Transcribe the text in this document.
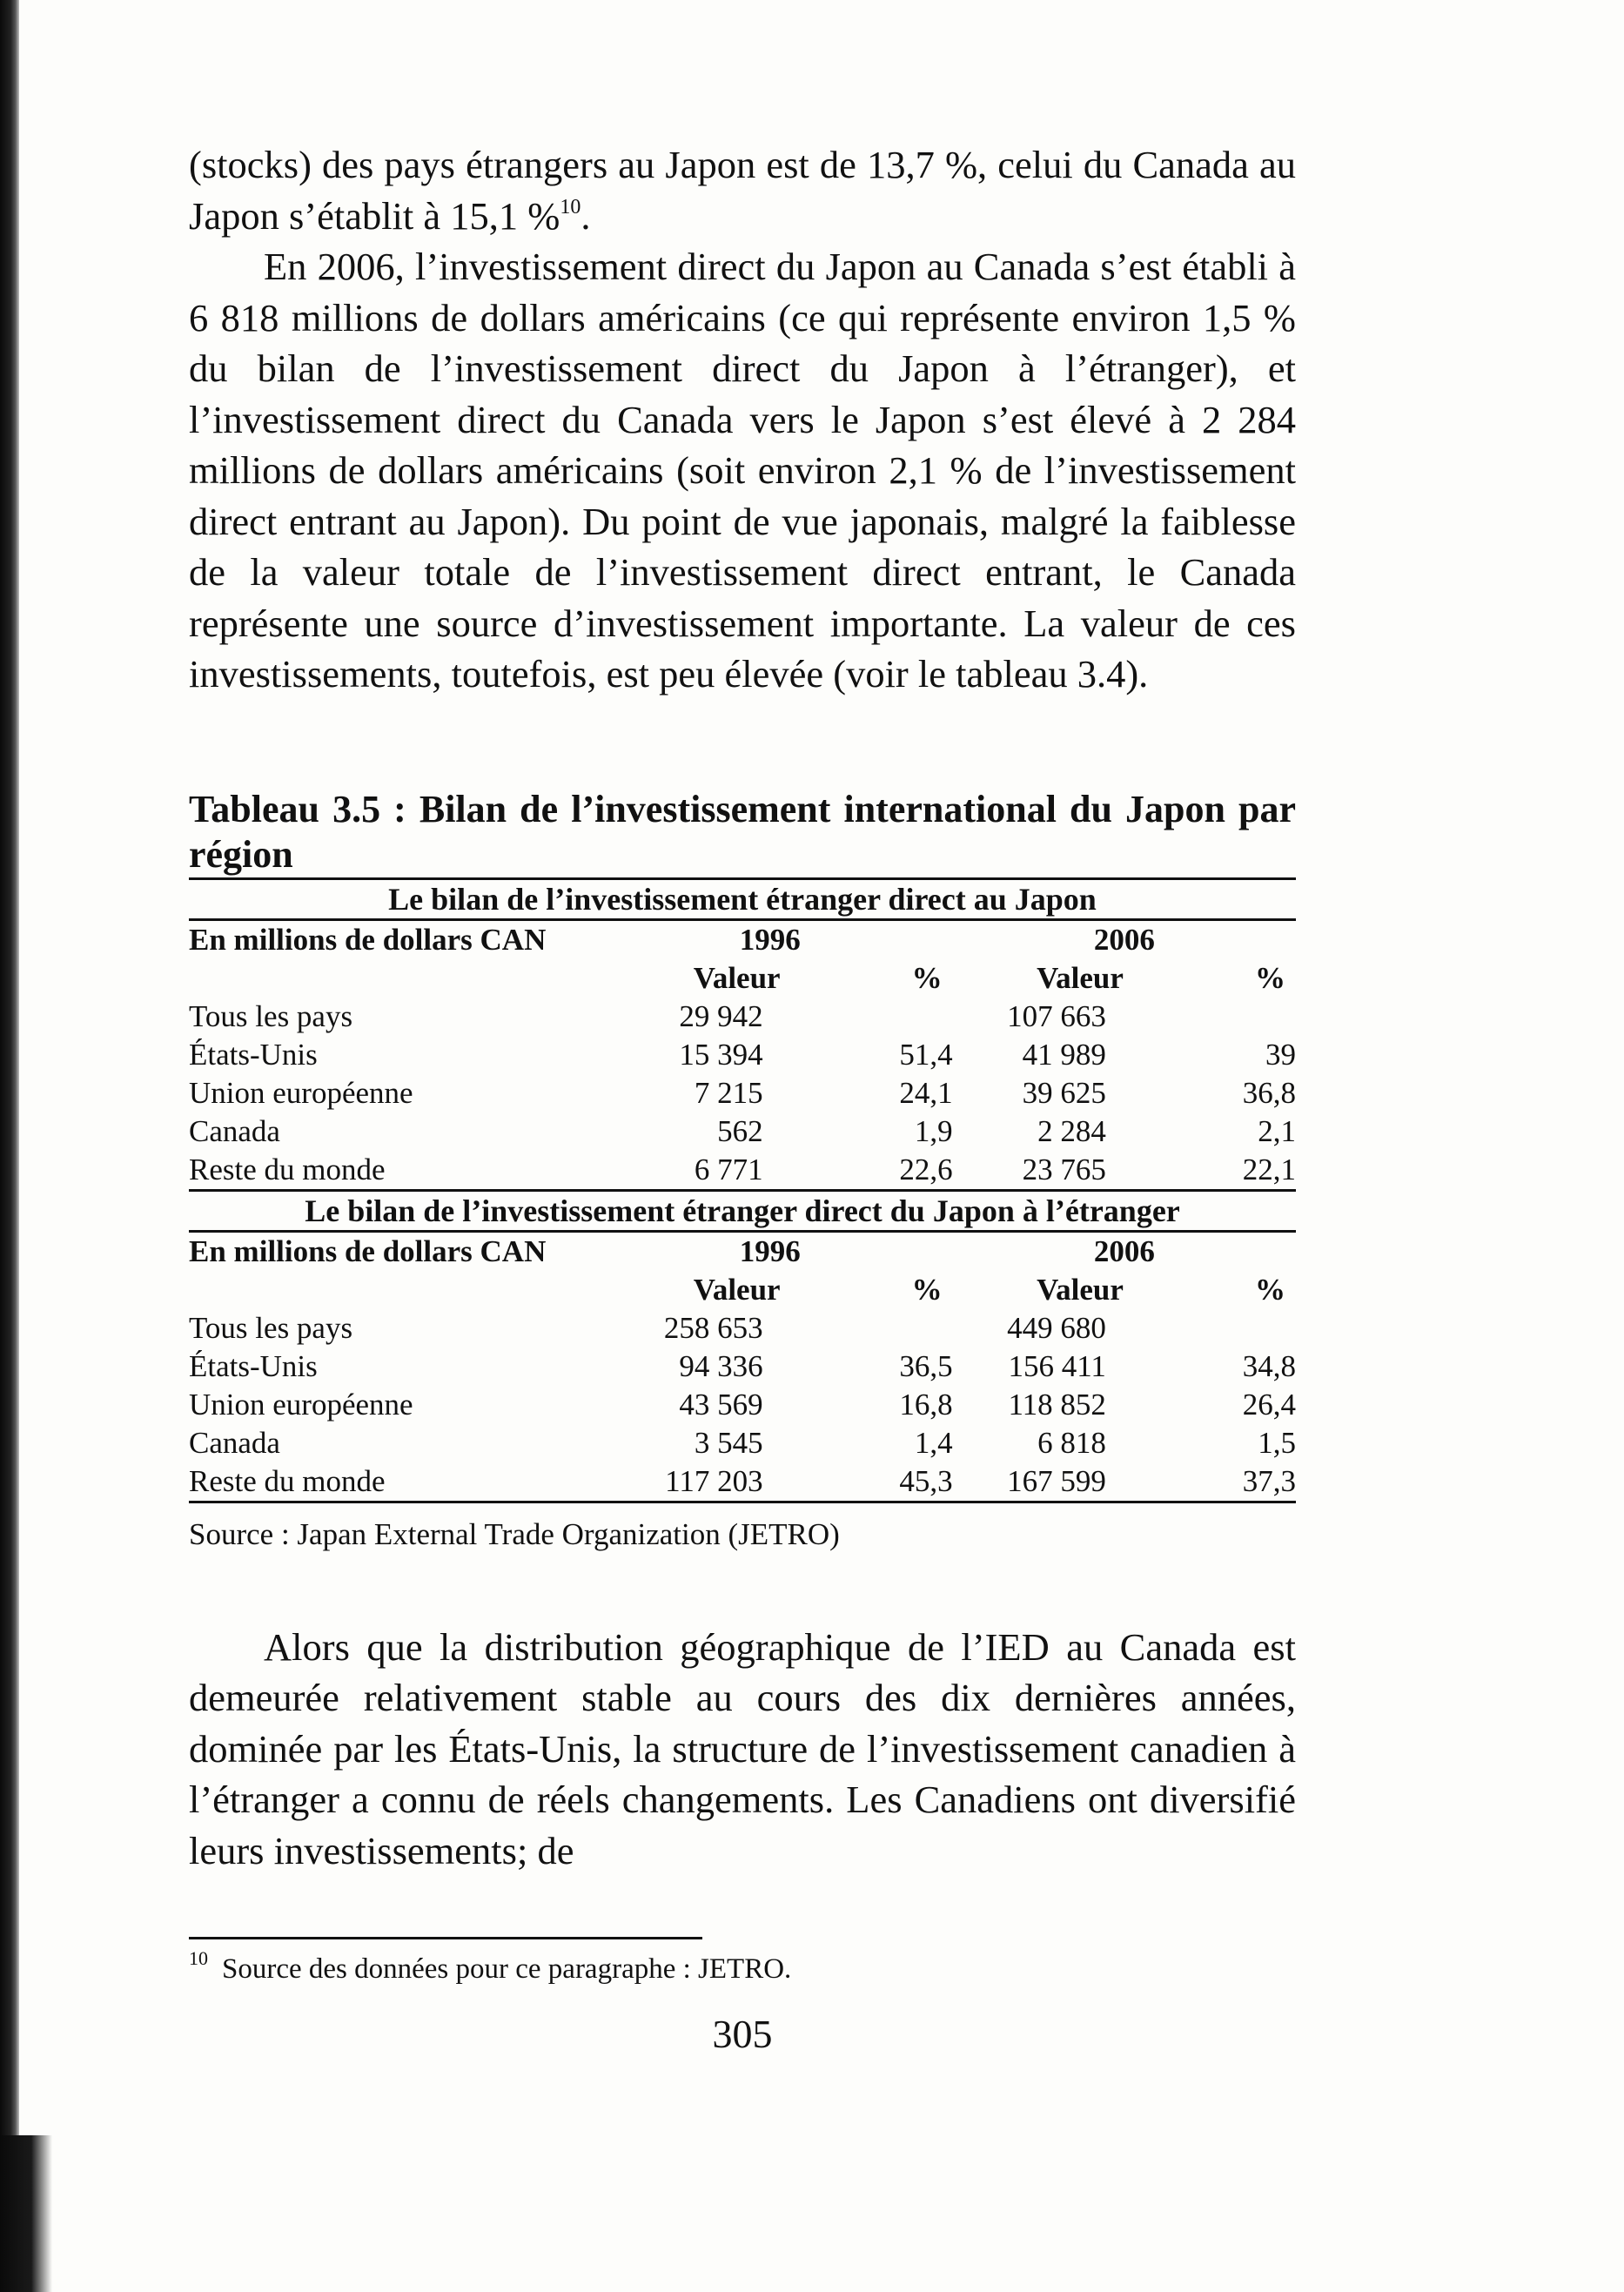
(stocks) des pays étrangers au Japon est de 13,7 %, celui du Canada au Japon s’établit à 15,1 %$^{10}$.

En 2006, l’investissement direct du Japon au Canada s’est établi à 6 818 millions de dollars américains (ce qui représente environ 1,5 % du bilan de l’investissement direct du Japon à l’étranger), et l’investissement direct du Canada vers le Japon s’est élevé à 2 284 millions de dollars américains (soit environ 2,1 % de l’investissement direct entrant au Japon). Du point de vue japonais, malgré la faiblesse de la valeur totale de l’investissement direct entrant, le Canada représente une source d’investissement importante. La valeur de ces investissements, toutefois, est peu élevée (voir le tableau 3.4).

Tableau 3.5 : Bilan de l’investissement international du Japon par région

Le bilan de l’investissement étranger direct au Japon				
En millions de dollars CAN	1996		2006	
	Valeur	%	Valeur	%
Tous les pays	29 942		107 663	
États-Unis	15 394	51,4	41 989	39
Union européenne	7 215	24,1	39 625	36,8
Canada	562	1,9	2 284	2,1
Reste du monde	6 771	22,6	23 765	22,1
Le bilan de l’investissement étranger direct du Japon à l’étranger				
En millions de dollars CAN	1996		2006	
	Valeur	%	Valeur	%
Tous les pays	258 653		449 680	
États-Unis	94 336	36,5	156 411	34,8
Union européenne	43 569	16,8	118 852	26,4
Canada	3 545	1,4	6 818	1,5
Reste du monde	117 203	45,3	167 599	37,3

Source : Japan External Trade Organization (JETRO)

Alors que la distribution géographique de l’IED au Canada est demeurée relativement stable au cours des dix dernières années, dominée par les États-Unis, la structure de l’investissement canadien à l’étranger a connu de réels changements. Les Canadiens ont diversifié leurs investissements; de

10 Source des données pour ce paragraphe : JETRO.

305
